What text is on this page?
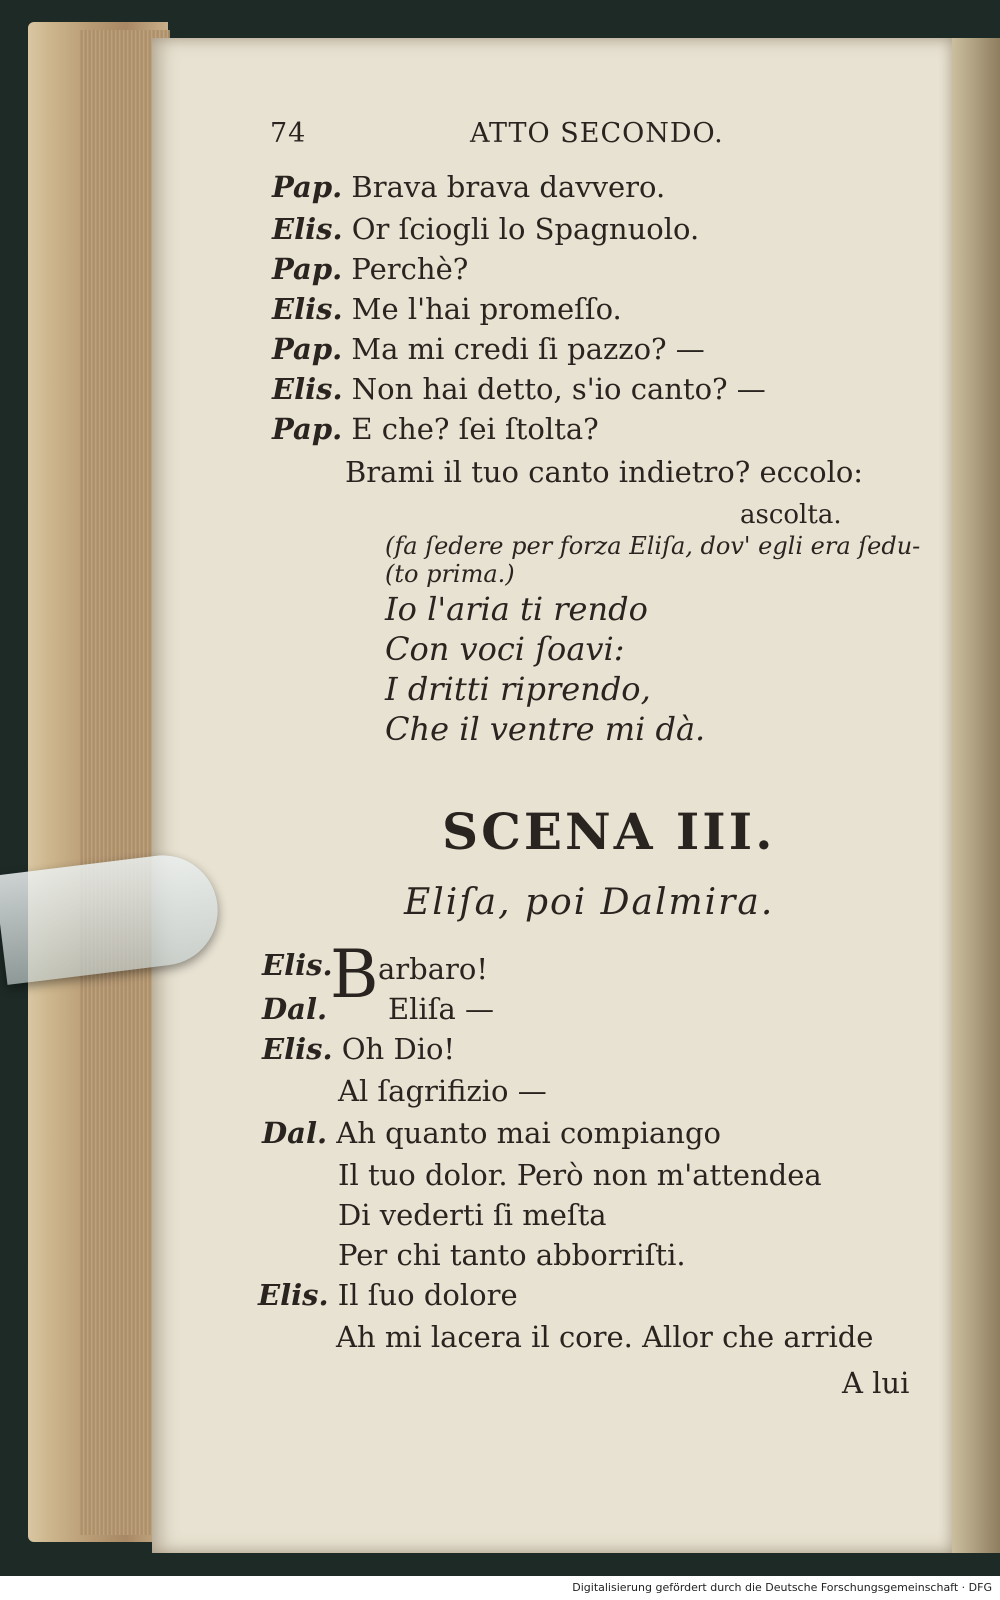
74	ATTO SECONDO.
Pap. Brava brava davvero.
Elis. Or ſciogli lo Spagnuolo.
Pap. Perchè?
Elis. Me l'hai promeſſo.
Pap. Ma mi credi ſi pazzo? —
Elis. Non hai detto, s'io canto? —
Pap. E che? ſei ſtolta?
Brami il tuo canto indietro? eccolo:
ascolta.
(fa ſedere per forza Eliſa, dov' egli era ſedu-
(to prima.)
Io l'aria ti rendo
Con voci ſoavi:
I dritti riprendo,
Che il ventre mi dà.
SCENA III.
Eliſa, poi Dalmira.
Elis.
B arbaro!
Dal. Eliſa —
Elis. Oh Dio!
Al ſagrifizio —
Dal. Ah quanto mai compiango
Il tuo dolor. Però non m'attendea
Di vederti ſi meſta
Per chi tanto abborriſti.
Elis. Il ſuo dolore
Ah mi lacera il core. Allor che arride
A lui
Digitalisierung gefördert durch die Deutsche Forschungsgemeinschaft · DFG
